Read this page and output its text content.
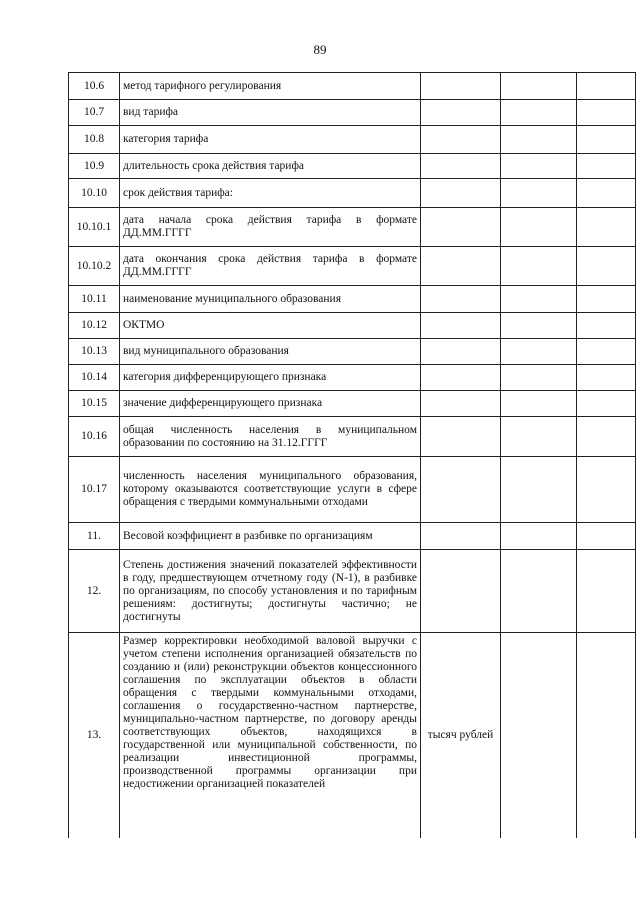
89
10.6	метод тарифного регулирования			
10.7	вид тарифа			
10.8	категория тарифа			
10.9	длительность срока действия тарифа			
10.10	срок действия тарифа:			
10.10.1	дата начала срока действия тарифа в формате ДД.ММ.ГГГГ			
10.10.2	дата окончания срока действия тарифа в формате ДД.ММ.ГГГГ			
10.11	наименование муниципального образования			
10.12	ОКТМО			
10.13	вид муниципального образования			
10.14	категория дифференцирующего признака			
10.15	значение дифференцирующего признака			
10.16	общая численность населения в муниципальном образовании по состоянию на 31.12.ГГГГ			
10.17	численность населения муниципального образования, которому оказываются соответствующие услуги в сфере обращения с твердыми коммунальными отходами			
11.	Весовой коэффициент в разбивке по организациям			
12.	Степень достижения значений показателей эффективности в году, предшествующем отчетному году (N-1), в разбивке по организациям, по способу установления и по тарифным решениям: достигнуты; достигнуты частично; не достигнуты			
13.	Размер корректировки необходимой валовой выручки с учетом степени исполнения организацией обязательств по созданию и (или) реконструкции объектов концессионного соглашения по эксплуатации объектов в области обращения с твердыми коммунальными отходами, соглашения о государственно-частном партнерстве, муниципально-частном партнерстве, по договору аренды соответствующих объектов, находящихся в государственной или муниципальной собственности, по реализации инвестиционной программы, производственной программы организации при недостижении организацией показателей	тысяч рублей		
